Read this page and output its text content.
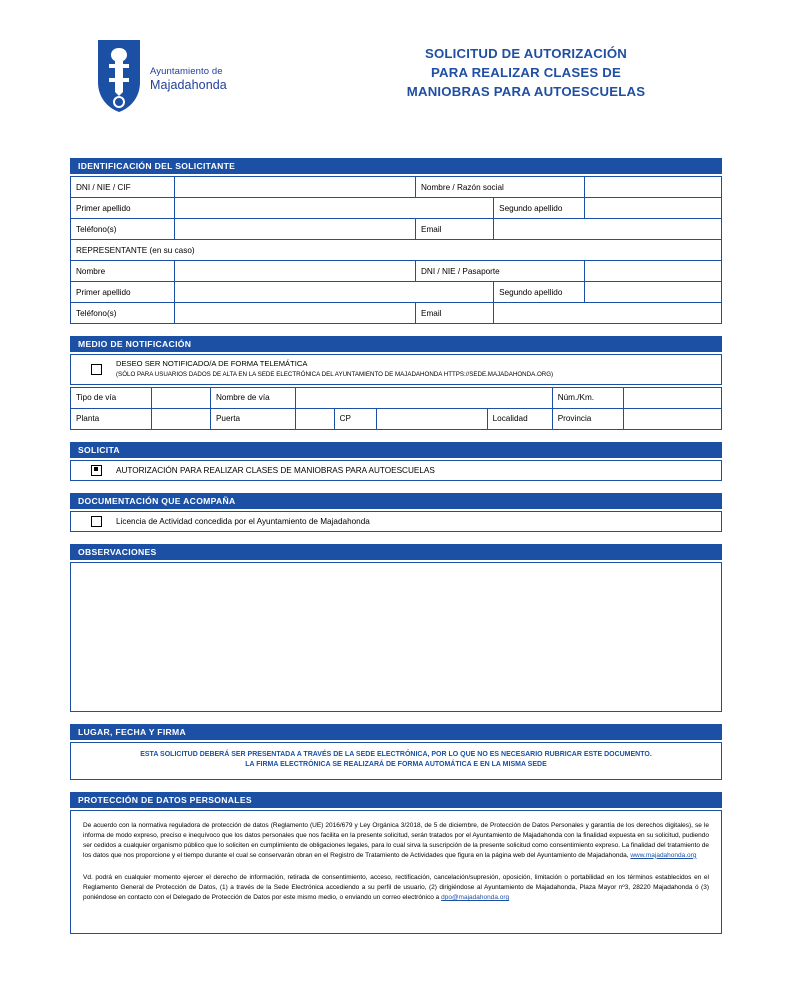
Ayuntamiento de
Majadahonda
SOLICITUD DE AUTORIZACIÓN
PARA REALIZAR CLASES DE
MANIOBRAS PARA AUTOESCUELAS
IDENTIFICACIÓN DEL SOLICITANTE
DNI / NIE / CIF		Nombre / Razón social		
Primer apellido			Segundo apellido	
Teléfono(s)		Email		
REPRESENTANTE (en su caso)				
Nombre		DNI / NIE / Pasaporte		
Primer apellido			Segundo apellido	
Teléfono(s)		Email		
MEDIO DE NOTIFICACIÓN
DESEO SER NOTIFICADO/A DE FORMA TELEMÁTICA
(SÓLO PARA USUARIOS DADOS DE ALTA EN LA SEDE ELECTRÓNICA DEL AYUNTAMIENTO DE MAJADAHONDA HTTPS://SEDE.MAJADAHONDA.ORG)
Tipo de vía		Nombre de vía					Núm./Km.	
Planta		Puerta		CP		Localidad	Provincia	
SOLICITA
AUTORIZACIÓN PARA REALIZAR CLASES DE MANIOBRAS PARA AUTOESCUELAS
DOCUMENTACIÓN QUE ACOMPAÑA
Licencia de Actividad concedida por el Ayuntamiento de Majadahonda
OBSERVACIONES
LUGAR, FECHA Y FIRMA
ESTA SOLICITUD DEBERÁ SER PRESENTADA A TRAVÉS DE LA SEDE ELECTRÓNICA, POR LO QUE NO ES NECESARIO RUBRICAR ESTE DOCUMENTO.
LA FIRMA ELECTRÓNICA SE REALIZARÁ DE FORMA AUTOMÁTICA E EN LA MISMA SEDE
PROTECCIÓN DE DATOS PERSONALES

De acuerdo con la normativa reguladora de protección de datos (Reglamento (UE) 2016/679 y Ley Orgánica 3/2018, de 5 de diciembre, de Protección de Datos Personales y garantía de los derechos digitales), se le informa de modo expreso, preciso e inequívoco que los datos personales que nos facilita en la presente solicitud, serán tratados por el Ayuntamiento de Majadahonda con la finalidad expuesta en su solicitud, pudiendo ser cedidos a cualquier organismo público que lo soliciten en cumplimiento de obligaciones legales, para lo cual sirva la suscripción de la presente solicitud como consentimiento expreso. La finalidad del tratamiento de los datos que nos proporcione y el tiempo durante el cual se conservarán obran en el Registro de Tratamiento de Actividades que figura en la página web del Ayuntamiento de Majadahonda, www.majadahonda.org

Vd. podrá en cualquier momento ejercer el derecho de información, retirada de consentimiento, acceso, rectificación, cancelación/supresión, oposición, limitación o portabilidad en los términos establecidos en el Reglamento General de Protección de Datos, (1) a través de la Sede Electrónica accediendo a su perfil de usuario, (2) dirigiéndose al Ayuntamiento de Majadahonda, Plaza Mayor nº3, 28220 Majadahonda ó (3) poniéndose en contacto con el Delegado de Protección de Datos por este mismo medio, o enviando un correo electrónico a dpo@majadahonda.org
